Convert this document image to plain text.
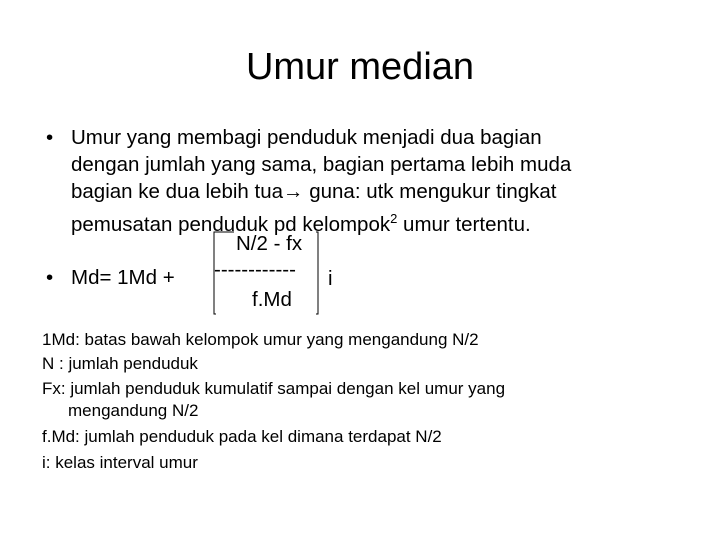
Umur median
• Umur yang membagi penduduk menjadi dua bagian
dengan jumlah yang sama, bagian pertama lebih muda
bagian ke dua lebih tua→ guna: utk mengukur tingkat
pemusatan penduduk pd kelompok$^2$ umur tertentu.
• Md= 1Md +
N/2 - fx
------------
f.Md
i
1Md: batas bawah kelompok umur yang mengandung N/2
N : jumlah penduduk
Fx: jumlah penduduk kumulatif sampai dengan kel umur yang
mengandung N/2
f.Md: jumlah penduduk pada kel dimana terdapat N/2
i: kelas interval umur
